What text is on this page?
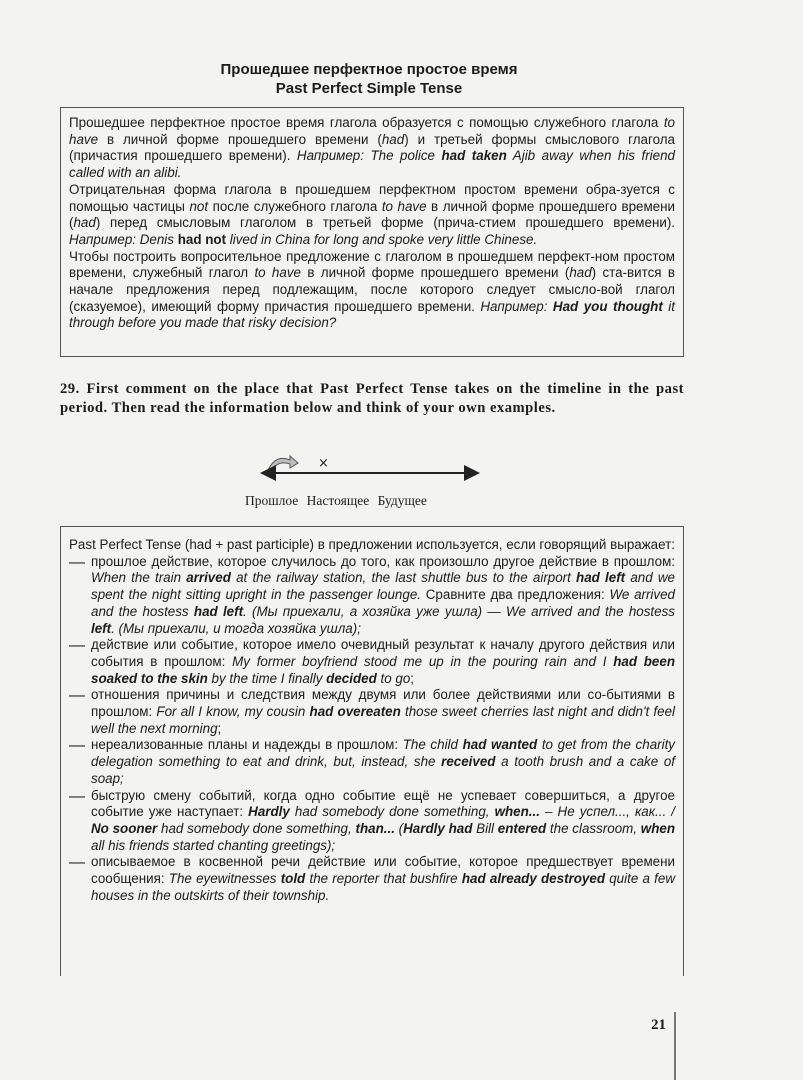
Прошедшее перфектное простое время
Past Perfect Simple Tense

Прошедшее перфектное простое время глагола образуется с помощью служебного глагола to have в личной форме прошедшего времени (had) и третьей формы смыслового глагола (причастия прошедшего времени). Например: The police had taken Ajib away when his friend called with an alibi.

Отрицательная форма глагола в прошедшем перфектном простом времени обра-зуется с помощью частицы not после служебного глагола to have в личной форме прошедшего времени (had) перед смысловым глаголом в третьей форме (прича-стием прошедшего времени). Например: Denis had not lived in China for long and spoke very little Chinese.

Чтобы построить вопросительное предложение с глаголом в прошедшем перфект-ном простом времени, служебный глагол to have в личной форме прошедшего времени (had) ста-вится в начале предложения перед подлежащим, после которого следует смысло-вой глагол (сказуемое), имеющий форму причастия прошедшего времени. Например: Had you thought it through before you made that risky decision?

29. First comment on the place that Past Perfect Tense takes on the timeline in the past period. Then read the information below and think of your own examples.
×
Прошлое Настоящее Будущее

Past Perfect Tense (had + past participle) в предложении используется, если говорящий выражает:

— прошлое действие, которое случилось до того, как произошло другое действие в прошлом: When the train arrived at the railway station, the last shuttle bus to the airport had left and we spent the night sitting upright in the passenger lounge. Сравните два предложения: We arrived and the hostess had left. (Мы приехали, а хозяйка уже ушла) — We arrived and the hostess left. (Мы приехали, и тогда хозяйка ушла);
— действие или событие, которое имело очевидный результат к началу другого действия или события в прошлом: My former boyfriend stood me up in the pouring rain and I had been soaked to the skin by the time I finally decided to go;
— отношения причины и следствия между двумя или более действиями или со-бытиями в прошлом: For all I know, my cousin had overeaten those sweet cherries last night and didn't feel well the next morning;
— нереализованные планы и надежды в прошлом: The child had wanted to get from the charity delegation something to eat and drink, but, instead, she received a tooth brush and a cake of soap;
— быструю смену событий, когда одно событие ещё не успевает совершиться, а другое событие уже наступает: Hardly had somebody done something, when... – Не успел..., как... / No sooner had somebody done something, than... (Hardly had Bill entered the classroom, when all his friends started chanting greetings);
— описываемое в косвенной речи действие или событие, которое предшествует времени сообщения: The eyewitnesses told the reporter that bushfire had already destroyed quite a few houses in the outskirts of their township.
21
